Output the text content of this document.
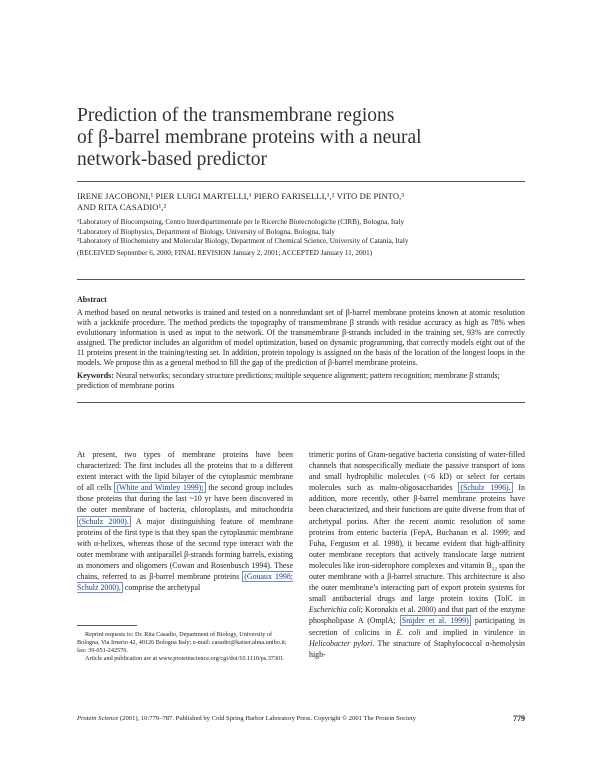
Prediction of the transmembrane regions
of β-barrel membrane proteins with a neural
network-based predictor
IRENE JACOBONI,¹ PIER LUIGI MARTELLI,¹ PIERO FARISELLI,¹,² VITO DE PINTO,³
AND RITA CASADIO¹,²
¹Laboratory of Biocomputing, Centro Interdipartimentale per le Ricerche Biotecnologiche (CIRB), Bologna, Italy
²Laboratory of Biophysics, Department of Biology, University of Bologna, Bologna, Italy
³Laboratory of Biochemistry and Molecular Biology, Department of Chemical Science, University of Catania, Italy
(RECEIVED September 6, 2000; FINAL REVISION January 2, 2001; ACCEPTED January 11, 2001)
Abstract
A method based on neural networks is trained and tested on a nonredundant set of β-barrel membrane proteins known at atomic resolution with a jackknife procedure. The method predicts the topography of transmembrane β strands with residue accuracy as high as 78% when evolutionary information is used as input to the network. Of the transmembrane β-strands included in the training set, 93% are correctly assigned. The predictor includes an algorithm of model optimization, based on dynamic programming, that correctly models eight out of the 11 proteins present in the training/testing set. In addition, protein topology is assigned on the basis of the location of the longest loops in the models. We propose this as a general method to fill the gap of the prediction of β-barrel membrane proteins.
Keywords: Neural networks; secondary structure predictions; multiple sequence alignment; pattern recognition; membrane β strands; prediction of membrane porins
At present, two types of membrane proteins have been characterized: The first includes all the proteins that to a different extent interact with the lipid bilayer of the cytoplasmic membrane of all cells (White and Wimley 1999); the second group includes those proteins that during the last ~10 yr have been discovered in the outer membrane of bacteria, chloroplasts, and mitochondria (Schulz 2000). A major distinguishing feature of membrane proteins of the first type is that they span the cytoplasmic membrane with α-helixes, whereas those of the second type interact with the outer membrane with antiparallel β-strands forming barrels, existing as monomers and oligomers (Cowan and Rosenbusch 1994). These chains, referred to as β-barrel membrane proteins (Gouaux 1998; Schulz 2000), comprise the archetypal
trimeric porins of Gram-negative bacteria consisting of water-filled channels that nonspecifically mediate the passive transport of ions and small hydrophilic molecules (<6 kD) or select for certain molecules such as malto-oligosaccharides (Schulz 1996). In addition, more recently, other β-barrel membrane proteins have been characterized, and their functions are quite diverse from that of archetypal porins. After the recent atomic resolution of some proteins from enteric bacteria (FepA, Buchanan et al. 1999; and Fuha, Ferguson et al. 1998), it became evident that high-affinity outer membrane receptors that actively translocate large nutrient molecules like iron-siderophore complexes and vitamin $B_{12}$ span the outer membrane with a β-barrel structure. This architecture is also the outer membrane’s interacting part of export protein systems for small antibacterial drugs and large protein toxins (TolC in Escherichia coli; Koronakis et al. 2000) and that part of the enzyme phospholipase A (OmplA; Snijder et al. 1999) participating in secretion of colicins in E. coli and implied in virulence in Helicobacter pylori. The structure of Staphylococcal α-hemolysin high-
Reprint requests to: Dr. Rita Casadio, Department of Biology, University of Bologna, Via Irnerio 42, 40126 Bologna Italy; e-mail: casadio@kaiser.alma.unibo.it; fax: 39-051-242576.
Article and publication are at www.proteinscience.org/cgi/doi/10.1110/ps.37301.
Protein Science (2001), 10:779–787. Published by Cold Spring Harbor Laboratory Press. Copyright © 2001 The Protein Society	779
